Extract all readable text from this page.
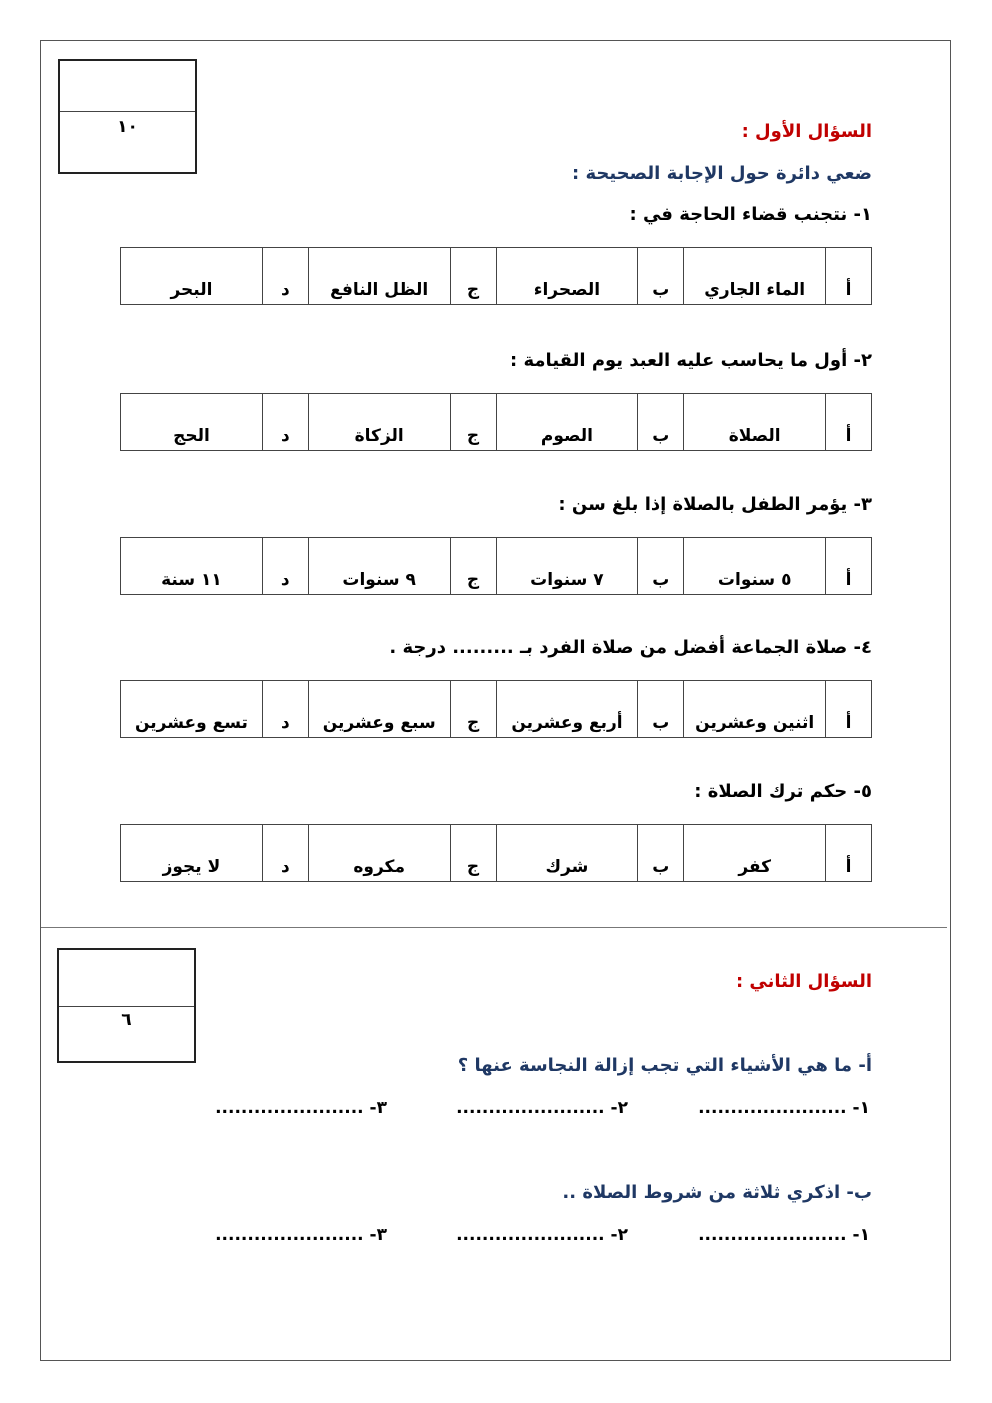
١٠
٦
السؤال الأول :
ضعي دائرة حول الإجابة الصحيحة :
١- نتجنب قضاء الحاجة في :
أ	الماء الجاري	ب	الصحراء	ج	الظل النافع	د	البحر
٢- أول ما يحاسب عليه العبد يوم القيامة :
أ	الصلاة	ب	الصوم	ج	الزكاة	د	الحج
٣- يؤمر الطفل بالصلاة إذا بلغ سن :
أ	٥ سنوات	ب	٧ سنوات	ج	٩ سنوات	د	١١ سنة
٤- صلاة الجماعة أفضل من صلاة الفرد بـ ......... درجة .
أ	اثنين وعشرين	ب	أربع وعشرين	ج	سبع وعشرين	د	تسع وعشرين
٥- حكم ترك الصلاة :
أ	كفر	ب	شرك	ج	مكروه	د	لا يجوز
السؤال الثاني :
أ- ما هي الأشياء التي تجب إزالة النجاسة عنها ؟
١- .......................
٢- .......................
٣- .......................
ب- اذكري ثلاثة من شروط الصلاة ..
١- .......................
٢- .......................
٣- .......................
